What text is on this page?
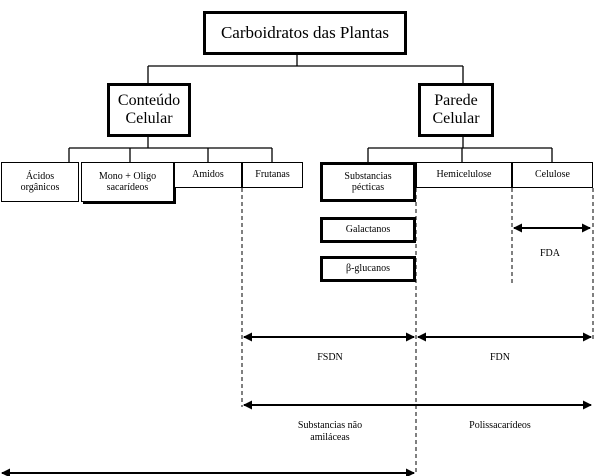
Carboidratos das Plantas
Conteúdo
Celular
Parede
Celular
Ácidos
orgânicos
Mono + Oligo
sacarídeos
Amidos	Frutanas	Substancias
pécticas
Hemicelulose	Celulose
Galactanos
β-glucanos
FDA
FSDN	FDN
Substancias não
amiláceas
Polissacarídeos
